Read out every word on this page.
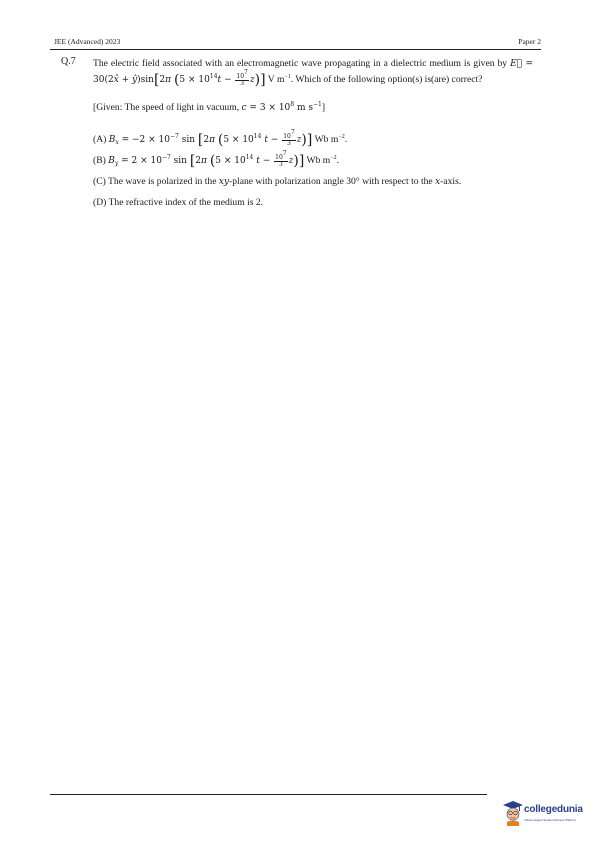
JEE (Advanced) 2023	Paper 2
Q.7 The electric field associated with an electromagnetic wave propagating in a dielectric medium is given by E⃗ = 30(2x̂ + ŷ)sin[2π $(5 \times 10^{14}t - \frac{10^7}{3} z)$] V $m^{-1}$. Which of the following option(s) is(are) correct?

[Given: The speed of light in vacuum, $c = 3 \times 10^8$ m $s^{-1}$]

(A) $B_x = -2 \times 10^{-7}$ sin [2π ($5 \times 10^{14}$ $t - \frac{10^7}{3} z$)] Wb $m^{-2}$.
(B) $B_y = 2 \times 10^{-7}$ sin [2π ($5 \times 10^{14}$ $t - \frac{10^7}{3} z$)] Wb $m^{-2}$.
(C) The wave is polarized in the xy-plane with polarization angle 30° with respect to the x-axis.
(D) The refractive index of the medium is 2.
collegedunia
India's largest Student Review Platform
